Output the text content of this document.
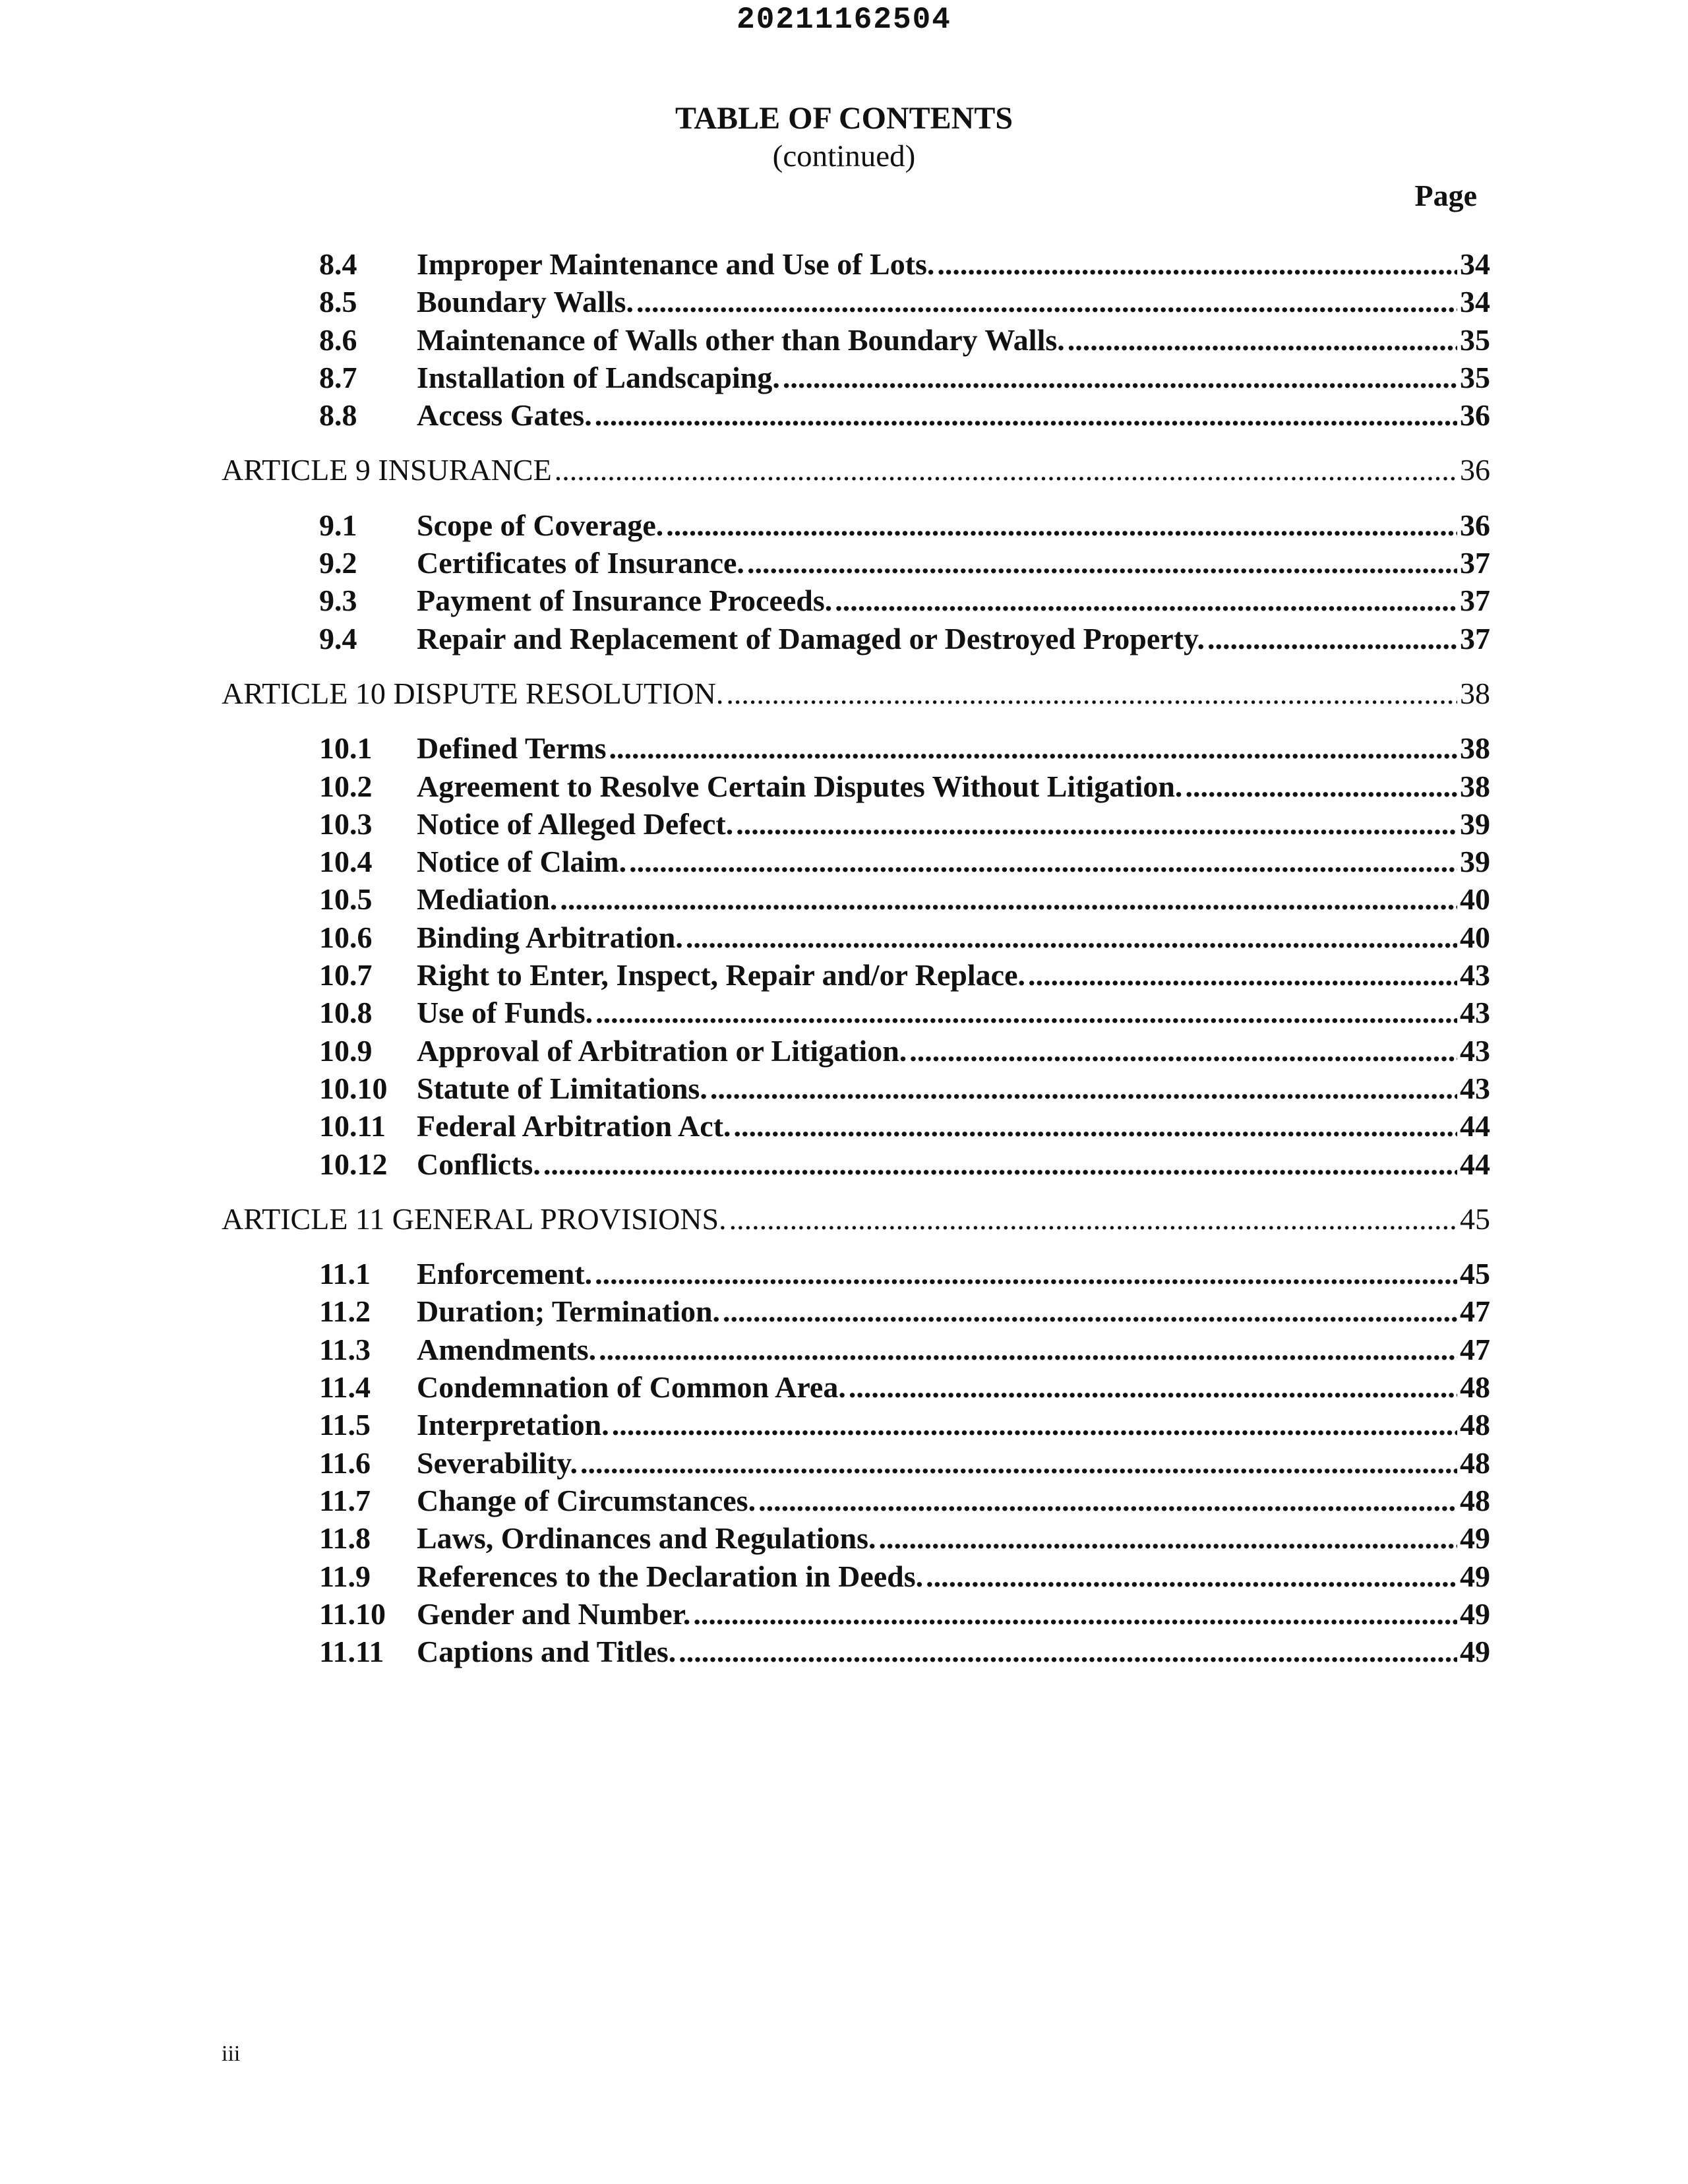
20211162504
TABLE OF CONTENTS
(continued)
Page
8.4	Improper Maintenance and Use of Lots. .....	34
8.5	Boundary Walls. .....	34
8.6	Maintenance of Walls other than Boundary Walls. .....	35
8.7	Installation of Landscaping. .....	35
8.8	Access Gates. .....	36
ARTICLE 9 INSURANCE .....	36
9.1	Scope of Coverage. .....	36
9.2	Certificates of Insurance. .....	37
9.3	Payment of Insurance Proceeds. .....	37
9.4	Repair and Replacement of Damaged or Destroyed Property. .....	37
ARTICLE 10 DISPUTE RESOLUTION. .....	38
10.1	Defined Terms .....	38
10.2	Agreement to Resolve Certain Disputes Without Litigation. .....	38
10.3	Notice of Alleged Defect. .....	39
10.4	Notice of Claim. .....	39
10.5	Mediation. .....	40
10.6	Binding Arbitration. .....	40
10.7	Right to Enter, Inspect, Repair and/or Replace. .....	43
10.8	Use of Funds. .....	43
10.9	Approval of Arbitration or Litigation. .....	43
10.10 Statute of Limitations. .....	43
10.11	Federal Arbitration Act. .....	44
10.12 Conflicts. .....	44
ARTICLE 11 GENERAL PROVISIONS. .....	45
11.1	Enforcement. .....	45
11.2	Duration; Termination. .....	47
11.3	Amendments. .....	47
11.4	Condemnation of Common Area. .....	48
11.5	Interpretation. .....	48
11.6	Severability. .....	48
11.7	Change of Circumstances. .....	48
11.8	Laws, Ordinances and Regulations. .....	49
11.9	References to the Declaration in Deeds. .....	49
11.10	Gender and Number. .....	49
11.11	Captions and Titles. .....	49
iii
